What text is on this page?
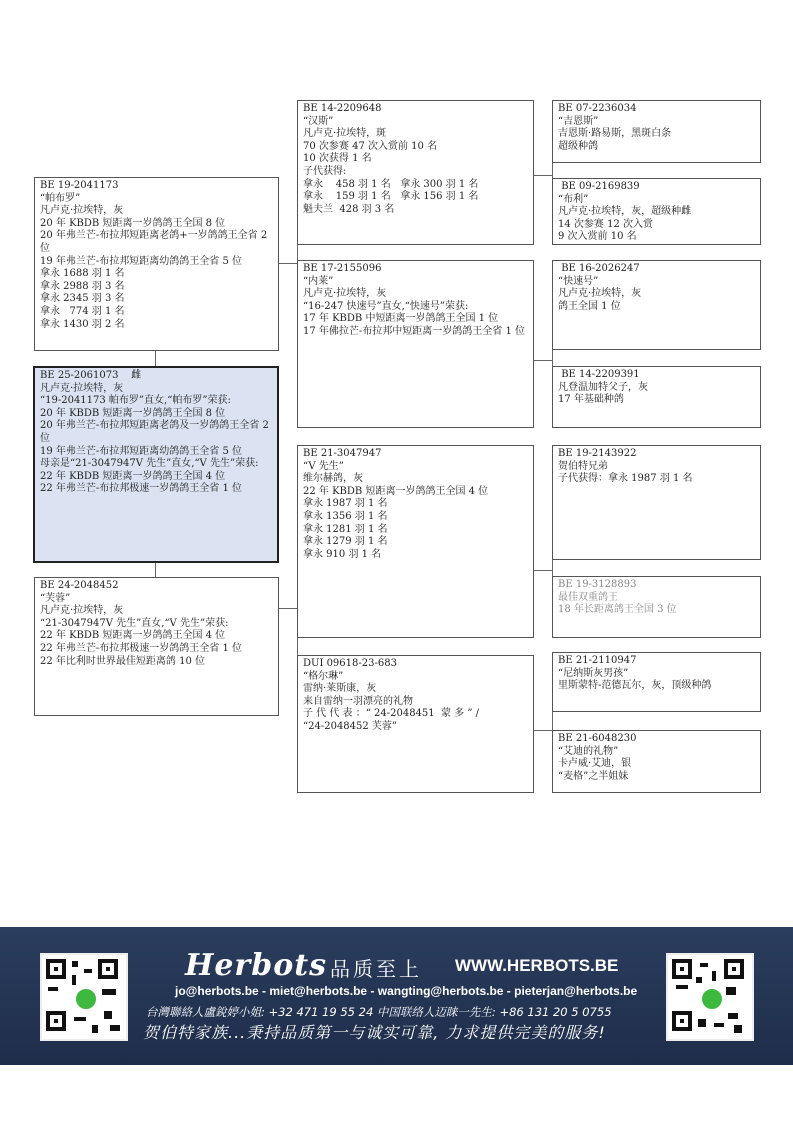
BE 19-2041173
“帕布罗”
凡卢克·拉埃特，灰
20 年 KBDB 短距离一岁鸽鸽王全国 8 位
20 年弗兰芒-布拉邦短距离老鸽+一岁鸽鸽王全省 2 位
19 年弗兰芒-布拉邦短距离幼鸽鸽王全省 5 位
拿永 1688 羽 1 名
拿永 2988 羽 3 名
拿永 2345 羽 3 名
拿永   774 羽 1 名
拿永 1430 羽 2 名
BE 25-2061073    雌
凡卢克·拉埃特，灰
“19-2041173 帕布罗”直女,“帕布罗”荣获:
20 年 KBDB 短距离一岁鸽鸽王全国 8 位
20 年弗兰芒-布拉邦短距离老鸽及一岁鸽鸽王全省 2 位
19 年弗兰芒-布拉邦短距离幼鸽鸽王全省 5 位
母亲是“21-3047947V 先生”直女,“V 先生”荣获:
22 年 KBDB 短距离一岁鸽鸽王全国 4 位
22 年弗兰芒-布拉邦极速一岁鸽鸽王全省 1 位
BE 24-2048452
“芙蓉”
凡卢克·拉埃特，灰
“21-3047947V 先生”直女,“V 先生”荣获:
22 年 KBDB 短距离一岁鸽鸽王全国 4 位
22 年弗兰芒-布拉邦极速一岁鸽鸽王全省 1 位
22 年比利时世界最佳短距离鸽 10 位
BE 14-2209648
“汉斯”
凡卢克·拉埃特，斑
70 次参赛 47 次入赏前 10 名
10 次获得 1 名
子代获得:
拿永    458 羽 1 名   拿永 300 羽 1 名
拿永    159 羽 1 名   拿永 156 羽 1 名
魁夫兰  428 羽 3 名
BE 17-2155096
“内莱”
凡卢克·拉埃特，灰
“16-247 快速号”直女,“快速号”荣获:
17 年 KBDB 中短距离一岁鸽鸽王全国 1 位
17 年佛拉芒-布拉邦中短距离一岁鸽鸽王全省 1 位
BE 21-3047947
“V 先生”
维尔赫鸽，灰
22 年 KBDB 短距离一岁鸽鸽王全国 4 位
拿永 1987 羽 1 名
拿永 1356 羽 1 名
拿永 1281 羽 1 名
拿永 1279 羽 1 名
拿永 910 羽 1 名
DUI 09618-23-683
“格尔琳”
雷纳·莱斯康，灰
来自雷纳一羽漂亮的礼物
子 代 代 表 ：“ 24-2048451  蒙 多 ” /
“24-2048452 芙蓉”
BE 07-2236034
“吉恩斯”
吉恩斯·路易斯，黑斑白条
超级种鸽
BE 09-2169839
“布利”
凡卢克·拉埃特，灰，超级种雌
14 次参赛 12 次入赏
9 次入赏前 10 名
BE 16-2026247
“快速号”
凡卢克·拉埃特，灰
鸽王全国 1 位
BE 14-2209391
凡登温加特父子，灰
17 年基础种鸽
BE 19-2143922
贺伯特兄弟
子代获得：拿永 1987 羽 1 名
BE 19-3128893
最佳双重鸽王
18 年长距离鸽王全国 3 位
BE 21-2110947
“尼纳斯灰男孩”
里斯蒙特-范德瓦尔，灰，顶级种鸽
BE 21-6048230
“艾迪的礼物”
卡卢威·艾迪，银
“麦格”之半姐妹
Herbots 品质至上 WWW.HERBOTS.BE
jo@herbots.be - miet@herbots.be - wangting@herbots.be - pieterjan@herbots.be
台灣聯絡人盧銳婷小姐: +32 471 19 55 24 中国联络人迈睐一先生: +86 131 20 5 0755
贺伯特家族...秉持品质第一与诚实可靠, 力求提供完美的服务!
